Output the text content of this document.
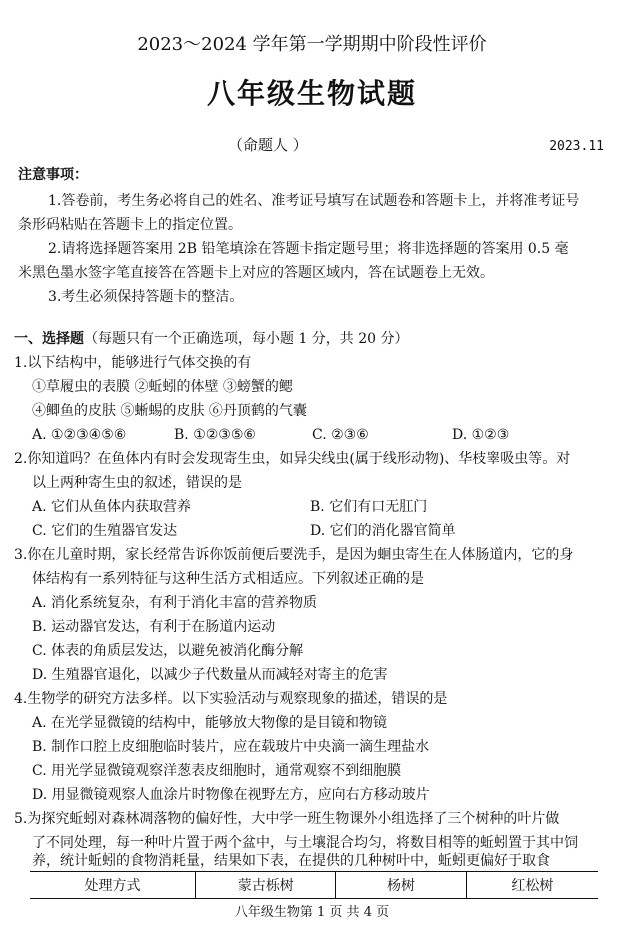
2023～2024 学年第一学期期中阶段性评价
八年级生物试题
（命题人 ）	2023.11
注意事项：
1.答卷前，考生务必将自己的姓名、准考证号填写在试题卷和答题卡上，并将准考证号
条形码粘贴在答题卡上的指定位置。
2.请将选择题答案用 2B 铅笔填涂在答题卡指定题号里；将非选择题的答案用 0.5 毫
米黑色墨水签字笔直接答在答题卡上对应的答题区域内，答在试题卷上无效。
3.考生必须保持答题卡的整洁。
一、选择题（每题只有一个正确选项，每小题 1 分，共 20 分）
1.以下结构中，能够进行气体交换的有
①草履虫的表膜 ②蚯蚓的体壁 ③螃蟹的鳃
④鲫鱼的皮肤 ⑤蜥蜴的皮肤 ⑥丹顶鹤的气囊
A. ①②③④⑤⑥	B. ①②③⑤⑥	C. ②③⑥	D. ①②③
2.你知道吗？在鱼体内有时会发现寄生虫，如异尖线虫(属于线形动物)、华枝睾吸虫等。对
以上两种寄生虫的叙述，错误的是
A. 它们从鱼体内获取营养	B. 它们有口无肛门
C. 它们的生殖器官发达	D. 它们的消化器官简单
3.你在儿童时期，家长经常告诉你饭前便后要洗手，是因为蛔虫寄生在人体肠道内，它的身
体结构有一系列特征与这种生活方式相适应。下列叙述正确的是
A. 消化系统复杂，有利于消化丰富的营养物质
B. 运动器官发达，有利于在肠道内运动
C. 体表的角质层发达，以避免被消化酶分解
D. 生殖器官退化，以减少子代数量从而减轻对寄主的危害
4.生物学的研究方法多样。以下实验活动与观察现象的描述，错误的是
A. 在光学显微镜的结构中，能够放大物像的是目镜和物镜
B. 制作口腔上皮细胞临时装片，应在载玻片中央滴一滴生理盐水
C. 用光学显微镜观察洋葱表皮细胞时，通常观察不到细胞膜
D. 用显微镜观察人血涂片时物像在视野左方，应向右方移动玻片
5.为探究蚯蚓对森林凋落物的偏好性，大中学一班生物课外小组选择了三个树种的叶片做
了不同处理，每一种叶片置于两个盆中，与土壤混合均匀，将数目相等的蚯蚓置于其中饲
养，统计蚯蚓的食物消耗量，结果如下表，在提供的几种树叶中，蚯蚓更偏好于取食
处理方式	蒙古栎树	杨树	红松树
八年级生物第 1 页 共 4 页
